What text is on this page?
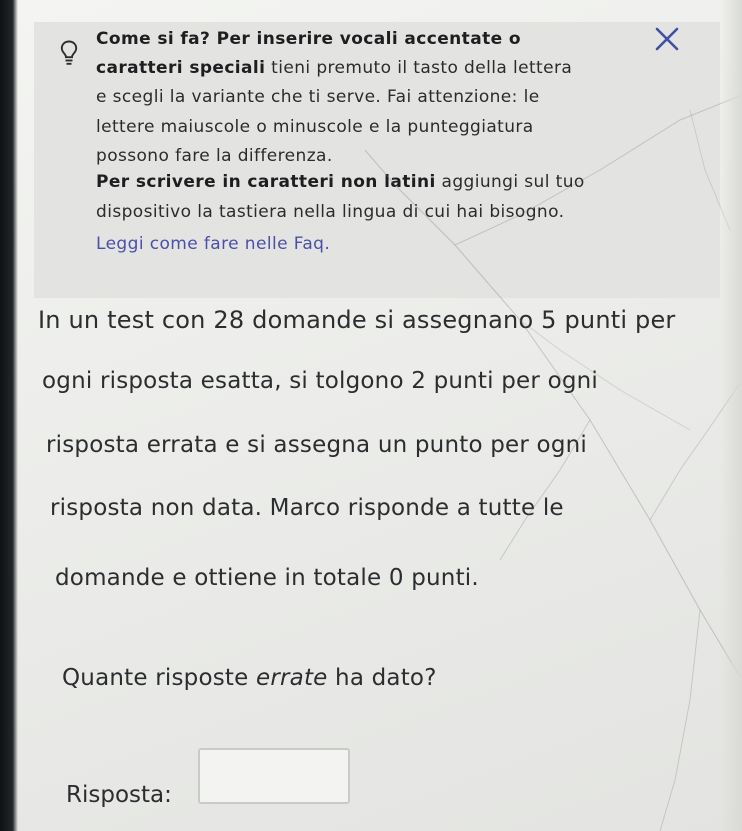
Come si fa? Per inserire vocali accentate o
caratteri speciali tieni premuto il tasto della lettera
e scegli la variante che ti serve. Fai attenzione: le
lettere maiuscole o minuscole e la punteggiatura
possono fare la differenza.
Per scrivere in caratteri non latini aggiungi sul tuo
dispositivo la tastiera nella lingua di cui hai bisogno.
Leggi come fare nelle Faq.
In un test con 28 domande si assegnano 5 punti per
ogni risposta esatta, si tolgono 2 punti per ogni
risposta errata e si assegna un punto per ogni
risposta non data. Marco risponde a tutte le
domande e ottiene in totale 0 punti.
Quante risposte errate ha dato?
Risposta:
